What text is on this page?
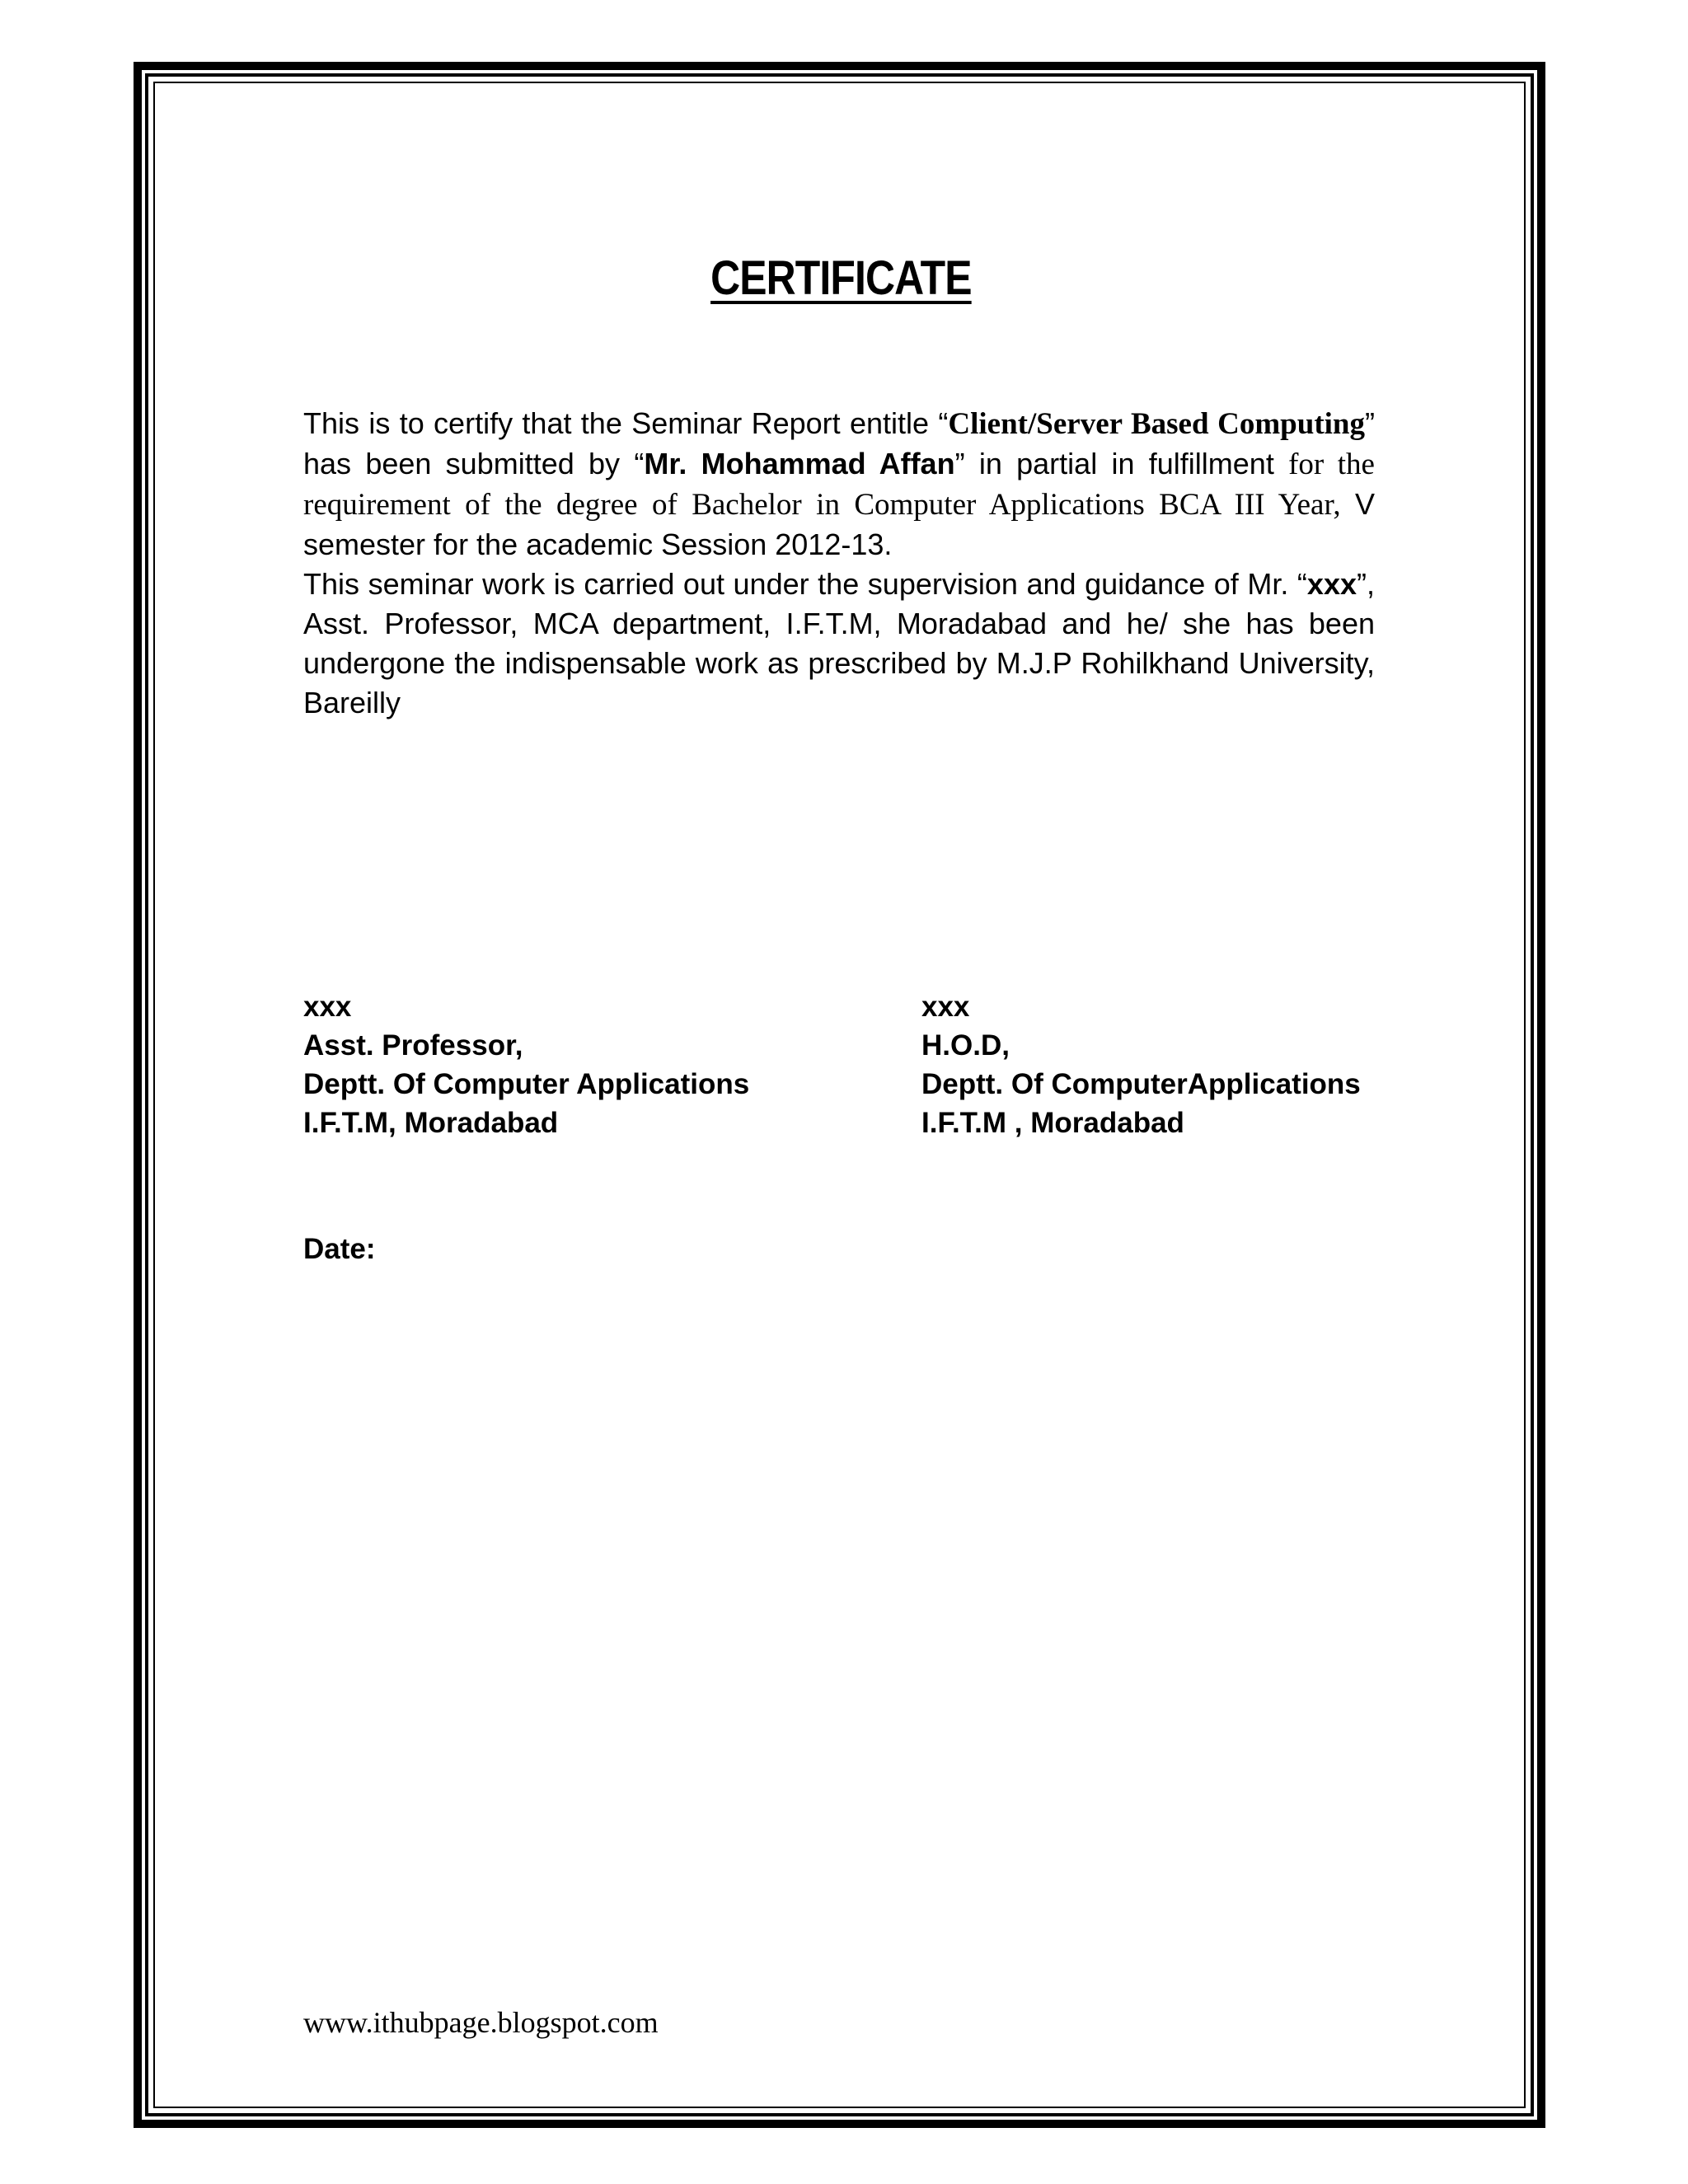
CERTIFICATE

This is to certify that the Seminar Report entitle “Client/Server Based Computing” has been submitted by “Mr. Mohammad Affan” in partial in fulfillment for the requirement of the degree of Bachelor in Computer Applications BCA III Year, V semester for the academic Session 2012-13.

This seminar work is carried out under the supervision and guidance of Mr. “xxx”, Asst. Professor, MCA department, I.F.T.M, Moradabad and he/ she has been undergone the indispensable work as prescribed by M.J.P Rohilkhand University, Bareilly

xxx
Asst. Professor,
Deptt. Of Computer Applications
I.F.T.M, Moradabad
xxx
H.O.D,
Deptt. Of ComputerApplications
I.F.T.M , Moradabad
Date:
www.ithubpage.blogspot.com
